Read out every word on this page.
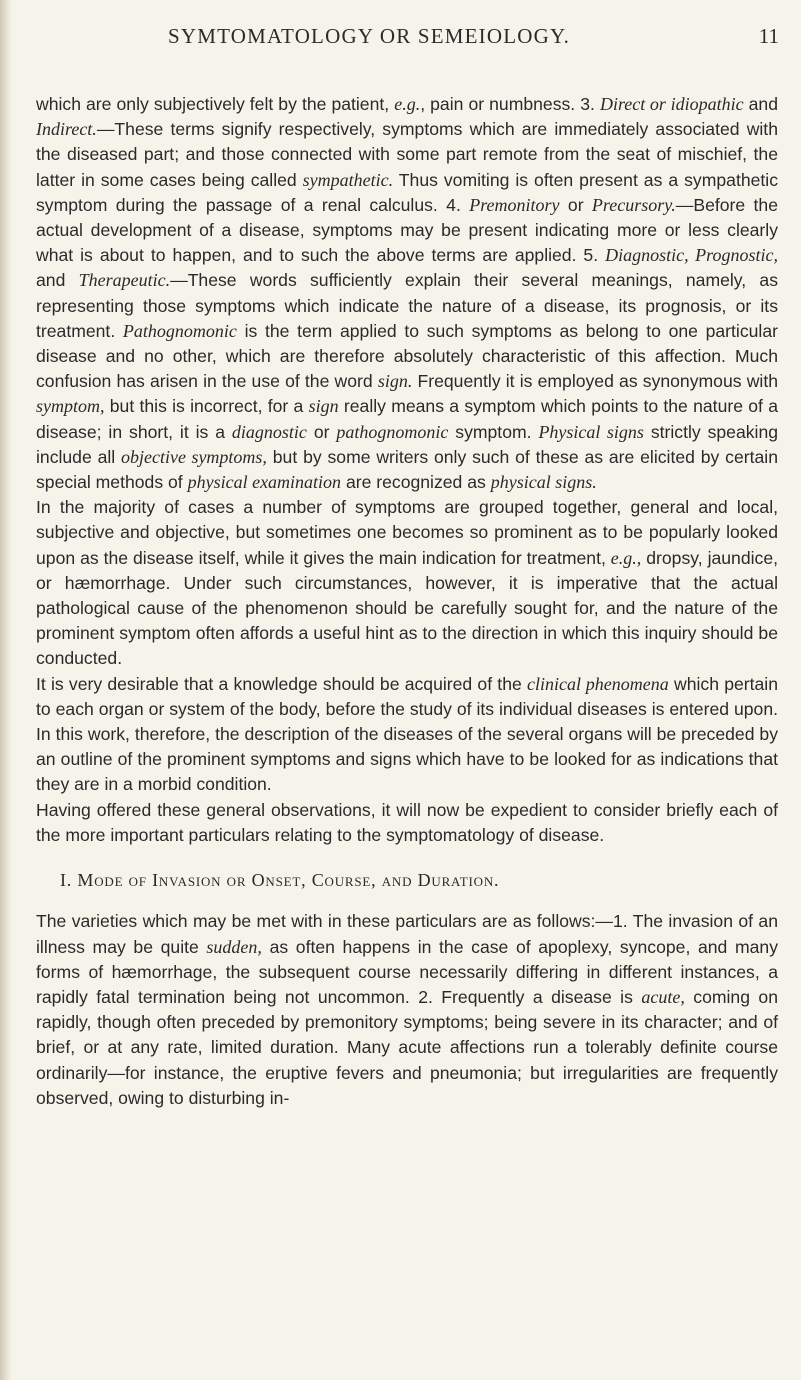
SYMTOMATOLOGY OR SEMEIOLOGY.	11

which are only subjectively felt by the patient, e.g., pain or numbness. 3. Direct or idiopathic and Indirect.—These terms signify respectively, symptoms which are immediately associated with the diseased part; and those connected with some part remote from the seat of mischief, the latter in some cases being called sympathetic. Thus vomiting is often present as a sympathetic symptom during the passage of a renal calculus. 4. Premonitory or Precursory.—Before the actual development of a disease, symptoms may be present indicating more or less clearly what is about to happen, and to such the above terms are applied. 5. Diagnostic, Prognostic, and Therapeutic.—These words sufficiently explain their several meanings, namely, as representing those symptoms which indicate the nature of a disease, its prognosis, or its treatment. Pathognomonic is the term applied to such symptoms as belong to one particular disease and no other, which are therefore absolutely characteristic of this affection. Much confusion has arisen in the use of the word sign. Frequently it is employed as synonymous with symptom, but this is incorrect, for a sign really means a symptom which points to the nature of a disease; in short, it is a diagnostic or pathognomonic symptom. Physical signs strictly speaking include all objective symptoms, but by some writers only such of these as are elicited by certain special methods of physical examination are recognized as physical signs.

In the majority of cases a number of symptoms are grouped together, general and local, subjective and objective, but sometimes one becomes so prominent as to be popularly looked upon as the disease itself, while it gives the main indication for treatment, e.g., dropsy, jaundice, or hæmorrhage. Under such circumstances, however, it is imperative that the actual pathological cause of the phenomenon should be carefully sought for, and the nature of the prominent symptom often affords a useful hint as to the direction in which this inquiry should be conducted.

It is very desirable that a knowledge should be acquired of the clinical phenomena which pertain to each organ or system of the body, before the study of its individual diseases is entered upon. In this work, therefore, the description of the diseases of the several organs will be preceded by an outline of the prominent symptoms and signs which have to be looked for as indications that they are in a morbid condition.

Having offered these general observations, it will now be expedient to consider briefly each of the more important particulars relating to the symptomatology of disease.

I. Mode of Invasion or Onset, Course, and Duration.

The varieties which may be met with in these particulars are as follows:—1. The invasion of an illness may be quite sudden, as often happens in the case of apoplexy, syncope, and many forms of hæmorrhage, the subsequent course necessarily differing in different instances, a rapidly fatal termination being not uncommon. 2. Frequently a disease is acute, coming on rapidly, though often preceded by premonitory symptoms; being severe in its character; and of brief, or at any rate, limited duration. Many acute affections run a tolerably definite course ordinarily—for instance, the eruptive fevers and pneumonia; but irregularities are frequently observed, owing to disturbing in-
